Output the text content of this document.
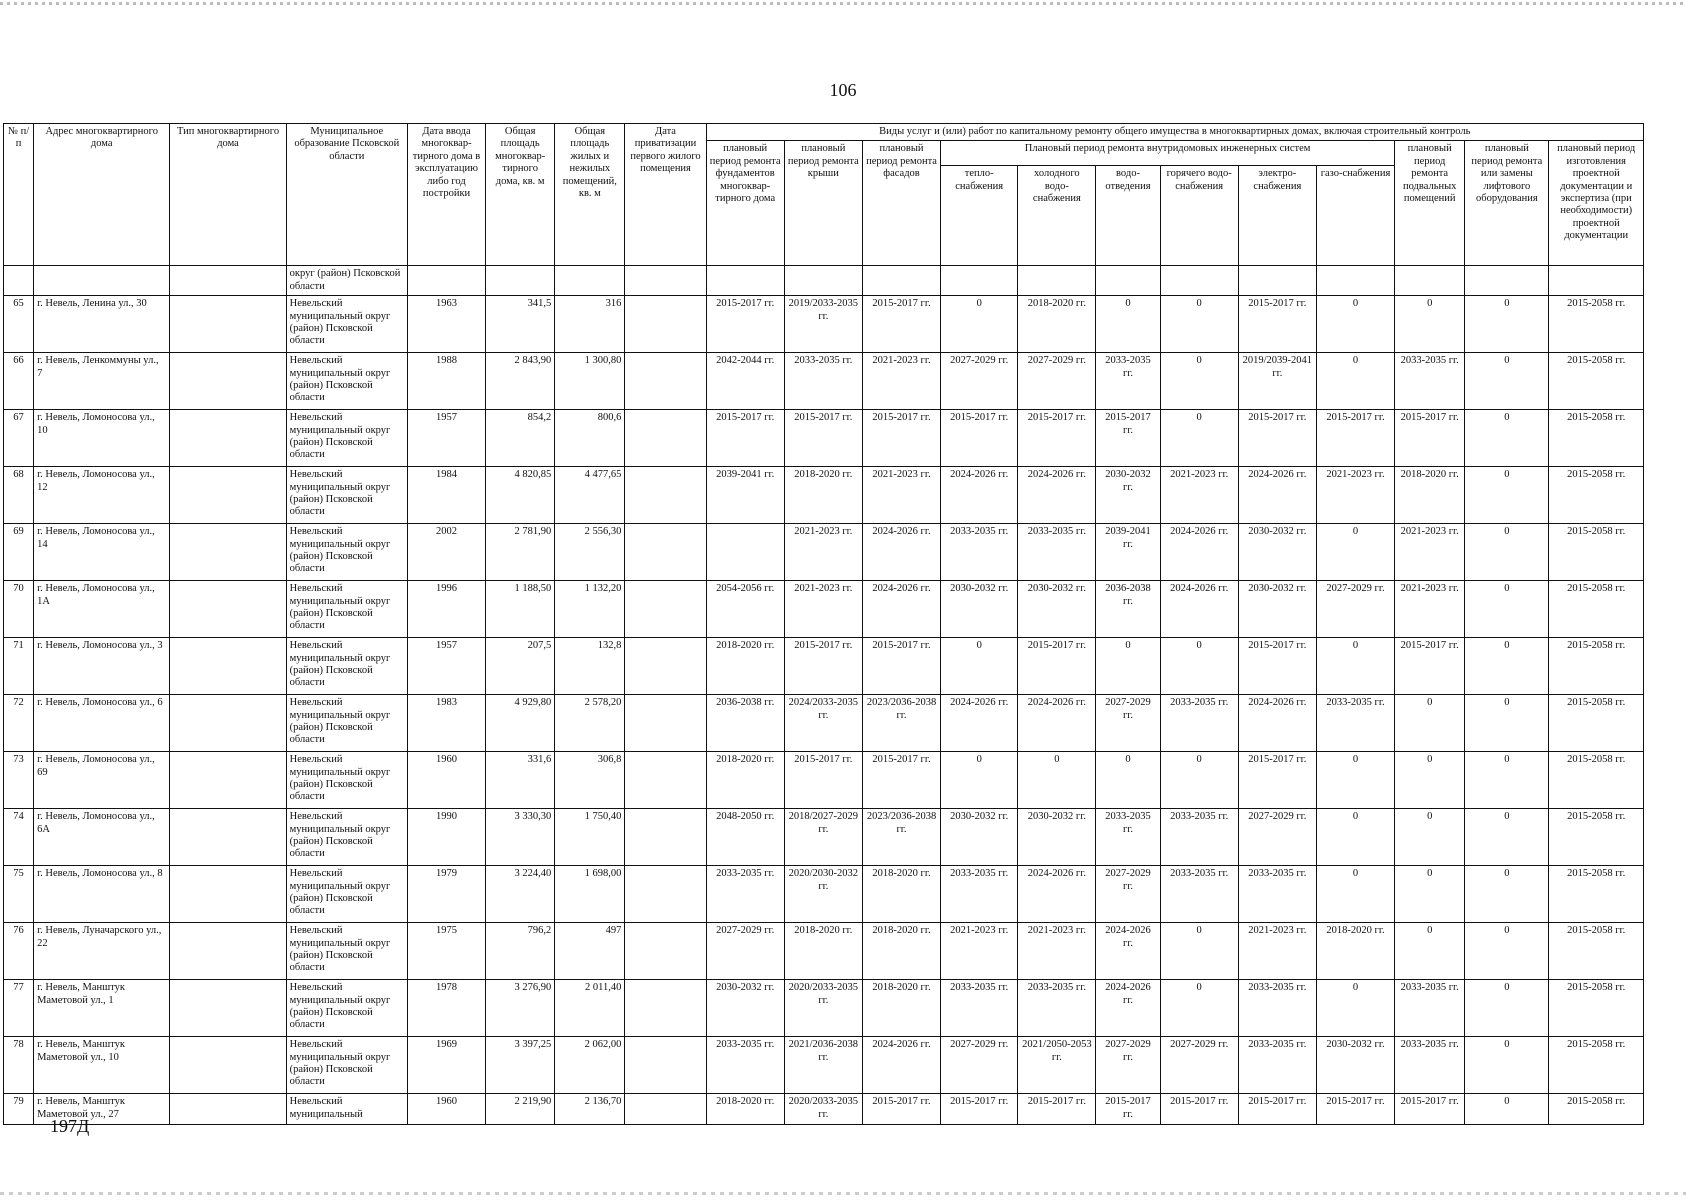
106
№ п/п	Адрес многоквартирного дома	Тип многоквартирного дома	Муниципальное образование Псковской области	Дата ввода многоквар-тирного дома в эксплуатацию либо год постройки	Общая площадь многоквар-тирного дома, кв. м	Общая площадь жилых и нежилых помещений, кв. м	Дата приватизации первого жилого помещения	Виды услуг и (или) работ по капитальному ремонту общего имущества в многоквартирных домах, включая строительный контроль											
								плановый период ремонта фундаментов многоквар-тирного дома	плановый период ремонта крыши	плановый период ремонта фасадов	Плановый период ремонта внутридомовых инженерных систем						плановый период ремонта подвальных помещений	плановый период ремонта или замены лифтового оборудования	плановый период изготовления проектной документации и экспертиза (при необходимости) проектной документации
											тепло-снабжения	холодного водо-снабжения	водо-отведения	горячего водо-снабжения	электро-снабжения	газо-снабжения			
			округ (район) Псковской области																
65	г. Невель, Ленина ул., 30		Невельский муниципальный округ (район) Псковской области	1963	341,5	316		2015-2017 гг.	2019/2033-2035 гг.	2015-2017 гг.	0	2018-2020 гг.	0	0	2015-2017 гг.	0	0	0	2015-2058 гг.
66	г. Невель, Ленкоммуны ул., 7		Невельский муниципальный округ (район) Псковской области	1988	2 843,90	1 300,80		2042-2044 гг.	2033-2035 гг.	2021-2023 гг.	2027-2029 гг.	2027-2029 гг.	2033-2035 гг.	0	2019/2039-2041 гг.	0	2033-2035 гг.	0	2015-2058 гг.
67	г. Невель, Ломоносова ул., 10		Невельский муниципальный округ (район) Псковской области	1957	854,2	800,6		2015-2017 гг.	2015-2017 гг.	2015-2017 гг.	2015-2017 гг.	2015-2017 гг.	2015-2017 гг.	0	2015-2017 гг.	2015-2017 гг.	2015-2017 гг.	0	2015-2058 гг.
68	г. Невель, Ломоносова ул., 12		Невельский муниципальный округ (район) Псковской области	1984	4 820,85	4 477,65		2039-2041 гг.	2018-2020 гг.	2021-2023 гг.	2024-2026 гг.	2024-2026 гг.	2030-2032 гг.	2021-2023 гг.	2024-2026 гг.	2021-2023 гг.	2018-2020 гг.	0	2015-2058 гг.
69	г. Невель, Ломоносова ул., 14		Невельский муниципальный округ (район) Псковской области	2002	2 781,90	2 556,30			2021-2023 гг.	2024-2026 гг.	2033-2035 гг.	2033-2035 гг.	2039-2041 гг.	2024-2026 гг.	2030-2032 гг.	0	2021-2023 гг.	0	2015-2058 гг.
70	г. Невель, Ломоносова ул., 1А		Невельский муниципальный округ (район) Псковской области	1996	1 188,50	1 132,20		2054-2056 гг.	2021-2023 гг.	2024-2026 гг.	2030-2032 гг.	2030-2032 гг.	2036-2038 гг.	2024-2026 гг.	2030-2032 гг.	2027-2029 гг.	2021-2023 гг.	0	2015-2058 гг.
71	г. Невель, Ломоносова ул., 3		Невельский муниципальный округ (район) Псковской области	1957	207,5	132,8		2018-2020 гг.	2015-2017 гг.	2015-2017 гг.	0	2015-2017 гг.	0	0	2015-2017 гг.	0	2015-2017 гг.	0	2015-2058 гг.
72	г. Невель, Ломоносова ул., 6		Невельский муниципальный округ (район) Псковской области	1983	4 929,80	2 578,20		2036-2038 гг.	2024/2033-2035 гг.	2023/2036-2038 гг.	2024-2026 гг.	2024-2026 гг.	2027-2029 гг.	2033-2035 гг.	2024-2026 гг.	2033-2035 гг.	0	0	2015-2058 гг.
73	г. Невель, Ломоносова ул., 69		Невельский муниципальный округ (район) Псковской области	1960	331,6	306,8		2018-2020 гг.	2015-2017 гг.	2015-2017 гг.	0	0	0	0	2015-2017 гг.	0	0	0	2015-2058 гг.
74	г. Невель, Ломоносова ул., 6А		Невельский муниципальный округ (район) Псковской области	1990	3 330,30	1 750,40		2048-2050 гг.	2018/2027-2029 гг.	2023/2036-2038 гг.	2030-2032 гг.	2030-2032 гг.	2033-2035 гг.	2033-2035 гг.	2027-2029 гг.	0	0	0	2015-2058 гг.
75	г. Невель, Ломоносова ул., 8		Невельский муниципальный округ (район) Псковской области	1979	3 224,40	1 698,00		2033-2035 гг.	2020/2030-2032 гг.	2018-2020 гг.	2033-2035 гг.	2024-2026 гг.	2027-2029 гг.	2033-2035 гг.	2033-2035 гг.	0	0	0	2015-2058 гг.
76	г. Невель, Луначарского ул., 22		Невельский муниципальный округ (район) Псковской области	1975	796,2	497		2027-2029 гг.	2018-2020 гг.	2018-2020 гг.	2021-2023 гг.	2021-2023 гг.	2024-2026 гг.	0	2021-2023 гг.	2018-2020 гг.	0	0	2015-2058 гг.
77	г. Невель, Манштук Маметовой ул., 1		Невельский муниципальный округ (район) Псковской области	1978	3 276,90	2 011,40		2030-2032 гг.	2020/2033-2035 гг.	2018-2020 гг.	2033-2035 гг.	2033-2035 гг.	2024-2026 гг.	0	2033-2035 гг.	0	2033-2035 гг.	0	2015-2058 гг.
78	г. Невель, Манштук Маметовой ул., 10		Невельский муниципальный округ (район) Псковской области	1969	3 397,25	2 062,00		2033-2035 гг.	2021/2036-2038 гг.	2024-2026 гг.	2027-2029 гг.	2021/2050-2053 гг.	2027-2029 гг.	2027-2029 гг.	2033-2035 гг.	2030-2032 гг.	2033-2035 гг.	0	2015-2058 гг.
79	г. Невель, Манштук Маметовой ул., 27		Невельский муниципальный	1960	2 219,90	2 136,70		2018-2020 гг.	2020/2033-2035 гг.	2015-2017 гг.	2015-2017 гг.	2015-2017 гг.	2015-2017 гг.	2015-2017 гг.	2015-2017 гг.	2015-2017 гг.	2015-2017 гг.	0	2015-2058 гг.
197Д
